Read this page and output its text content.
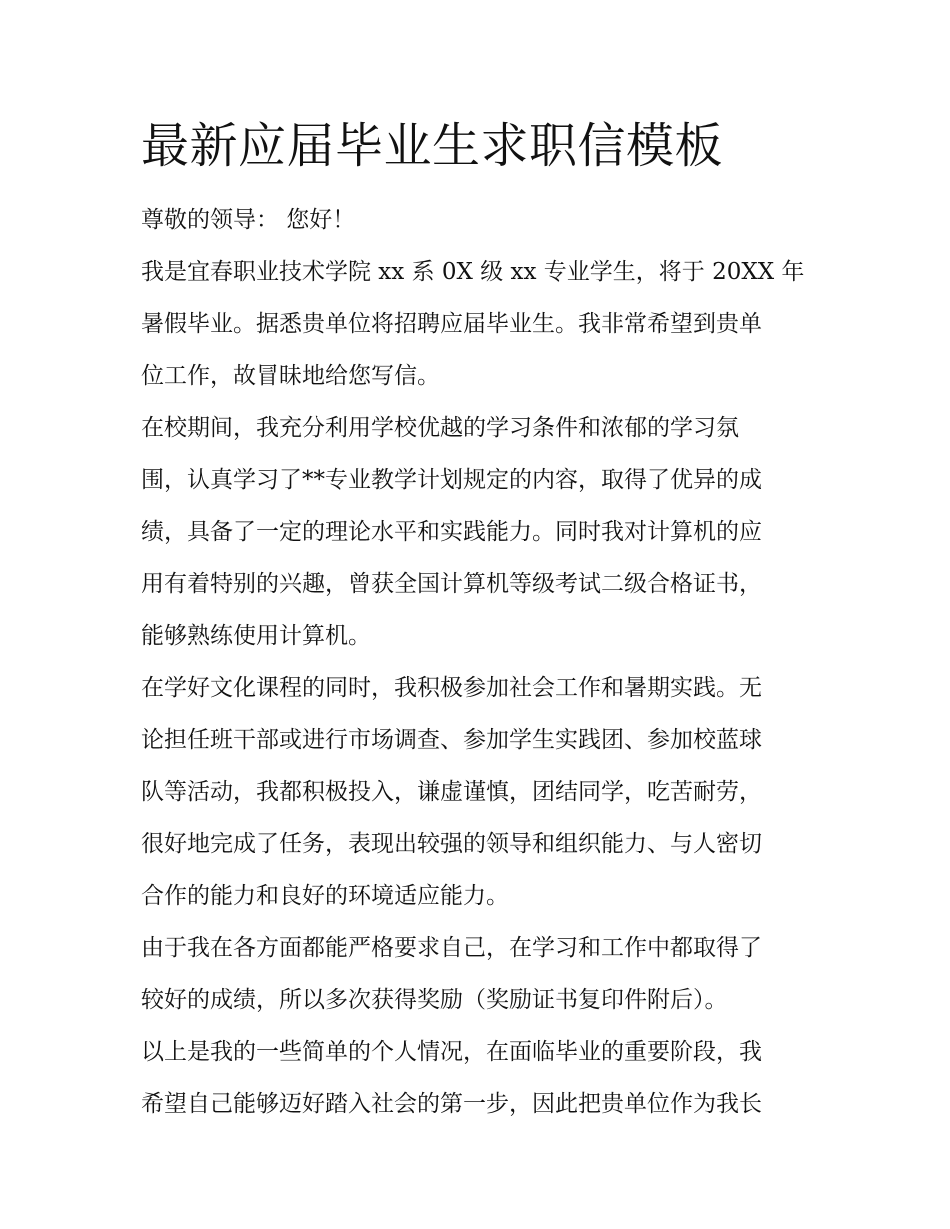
最新应届毕业生求职信模板

尊敬的领导： 您好！

我是宜春职业技术学院 xx 系 0X 级 xx 专业学生，将于 20XX 年

暑假毕业。据悉贵单位将招聘应届毕业生。我非常希望到贵单

位工作，故冒昧地给您写信。

在校期间，我充分利用学校优越的学习条件和浓郁的学习氛

围，认真学习了**专业教学计划规定的内容，取得了优异的成

绩，具备了一定的理论水平和实践能力。同时我对计算机的应

用有着特别的兴趣，曾获全国计算机等级考试二级合格证书，

能够熟练使用计算机。

在学好文化课程的同时，我积极参加社会工作和暑期实践。无

论担任班干部或进行市场调查、参加学生实践团、参加校蓝球

队等活动，我都积极投入，谦虚谨慎，团结同学，吃苦耐劳，

很好地完成了任务，表现出较强的领导和组织能力、与人密切

合作的能力和良好的环境适应能力。

由于我在各方面都能严格要求自己，在学习和工作中都取得了

较好的成绩，所以多次获得奖励（奖励证书复印件附后）。

以上是我的一些简单的个人情况，在面临毕业的重要阶段，我

希望自己能够迈好踏入社会的第一步，因此把贵单位作为我长
